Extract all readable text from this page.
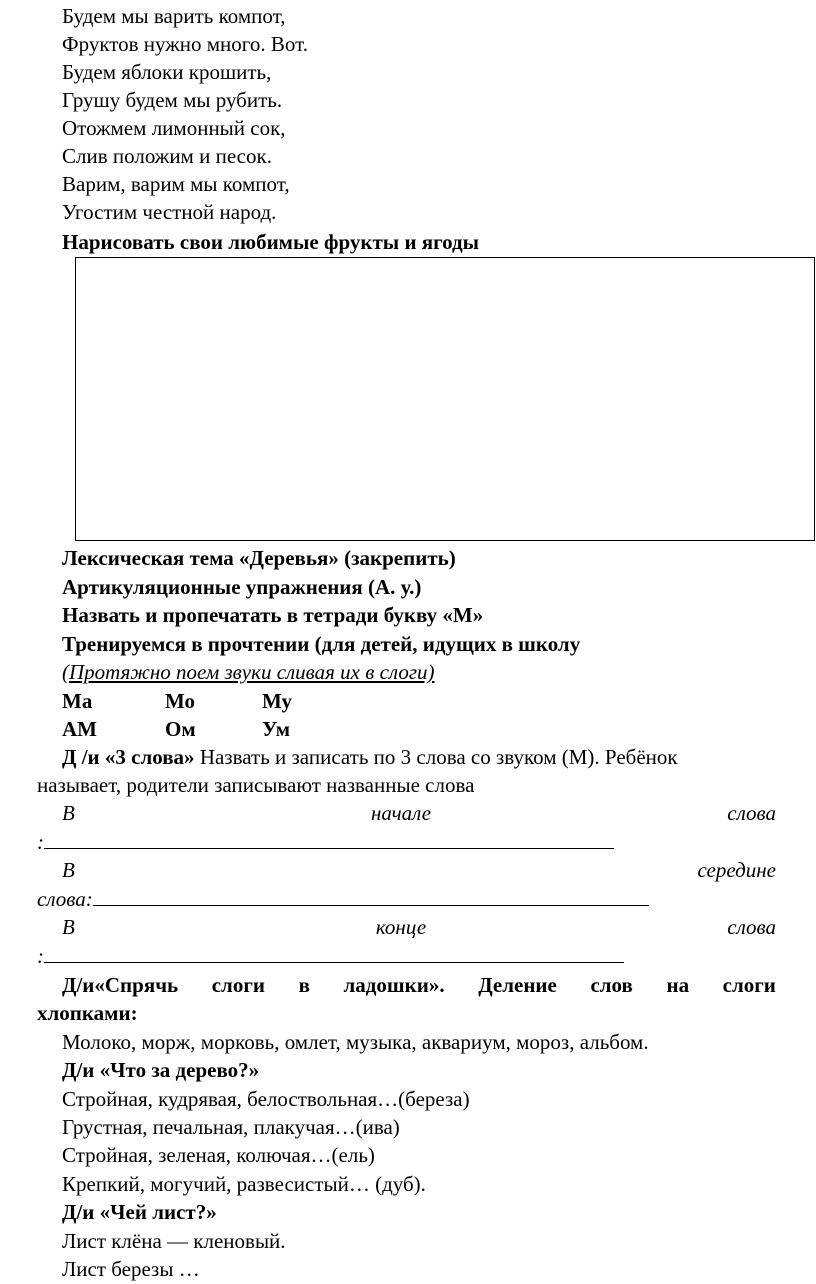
Будем мы варить компот,
Фруктов нужно много. Вот.
Будем яблоки крошить,
Грушу будем мы рубить.
Отожмем лимонный сок,
Слив положим и песок.
Варим, варим мы компот,
Угостим честной народ.
Нарисовать свои любимые фрукты и ягоды
Лексическая тема «Деревья» (закрепить)
Артикуляционные упражнения (А. у.)
Назвать и пропечатать в тетради букву «М»
Тренируемся в прочтении (для детей, идущих в школу
(Протяжно поем звуки сливая их в слоги)
Ма	Мо	Му
АМ	Ом	Ум
Д /и «3 слова» Назвать и записать по 3 слова со звуком (М). Ребёнок
называет, родители записывают названные слова
В	начале	слова
:
В	середине
слова:
В	конце	слова
:
Д/и«Спрячь слоги в ладошки». Деление слов на слоги
хлопками:
Молоко, морж, морковь, омлет, музыка, аквариум, мороз, альбом.
Д/и «Что за дерево?»
Стройная, кудрявая, белоствольная…(береза)
Грустная, печальная, плакучая…(ива)
Стройная, зеленая, колючая…(ель)
Крепкий, могучий, развесистый… (дуб).
Д/и «Чей лист?»
Лист клёна — кленовый.
Лист березы …
